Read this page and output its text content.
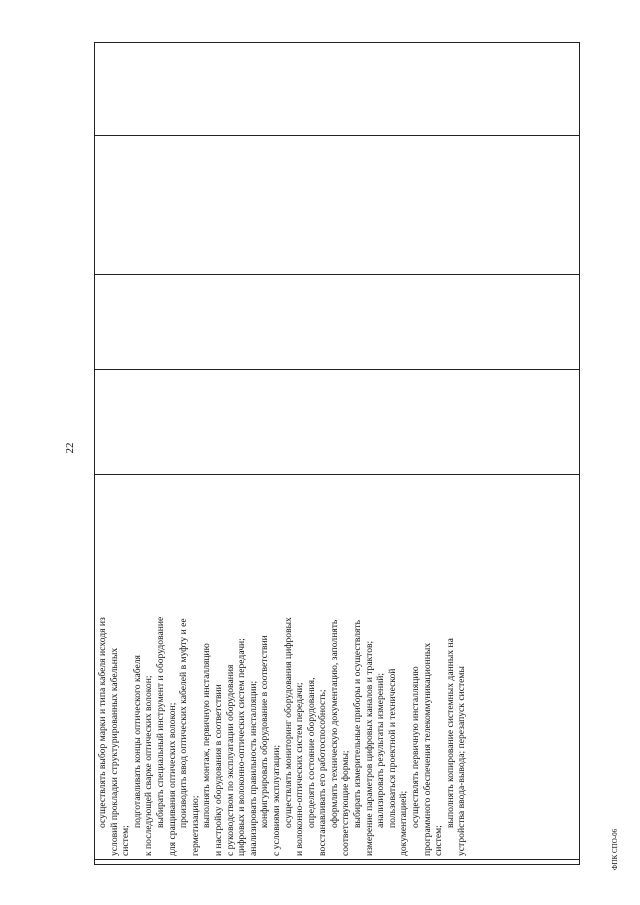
22
осуществлять выбор марки и типа кабеля исходя из условий прокладки структурированных кабельных систем;
подготавливать концы оптического кабеля к последующей сварке оптических волокон; выбирать специальный инструмент и оборудование для сращивания оптических волокон; производить ввод оптических кабелей в муфту и ее герметизацию; выполнять монтаж, первичную инсталляцию и настройку оборудования в соответствии с руководством по эксплуатации оборудования цифровых и волоконно-оптических систем передачи; анализировать правильность инсталляции; конфигурировать оборудование в соответствии с условиями эксплуатации; осуществлять мониторинг оборудования цифровых и волоконно-оптических систем передачи; определять состояние оборудования, восстанавливать его работоспособность; оформлять техническую документацию, заполнять соответствующие формы; выбирать измерительные приборы и осуществлять измерение параметров цифровых каналов и трактов; анализировать результаты измерений; пользоваться проектной и технической документацией; осуществлять первичную инсталляцию программного обеспечения телекоммуникационных систем;
выполнять копирование системных данных на устройства ввода-вывода; перезапуск системы	ФПК СПО-06
